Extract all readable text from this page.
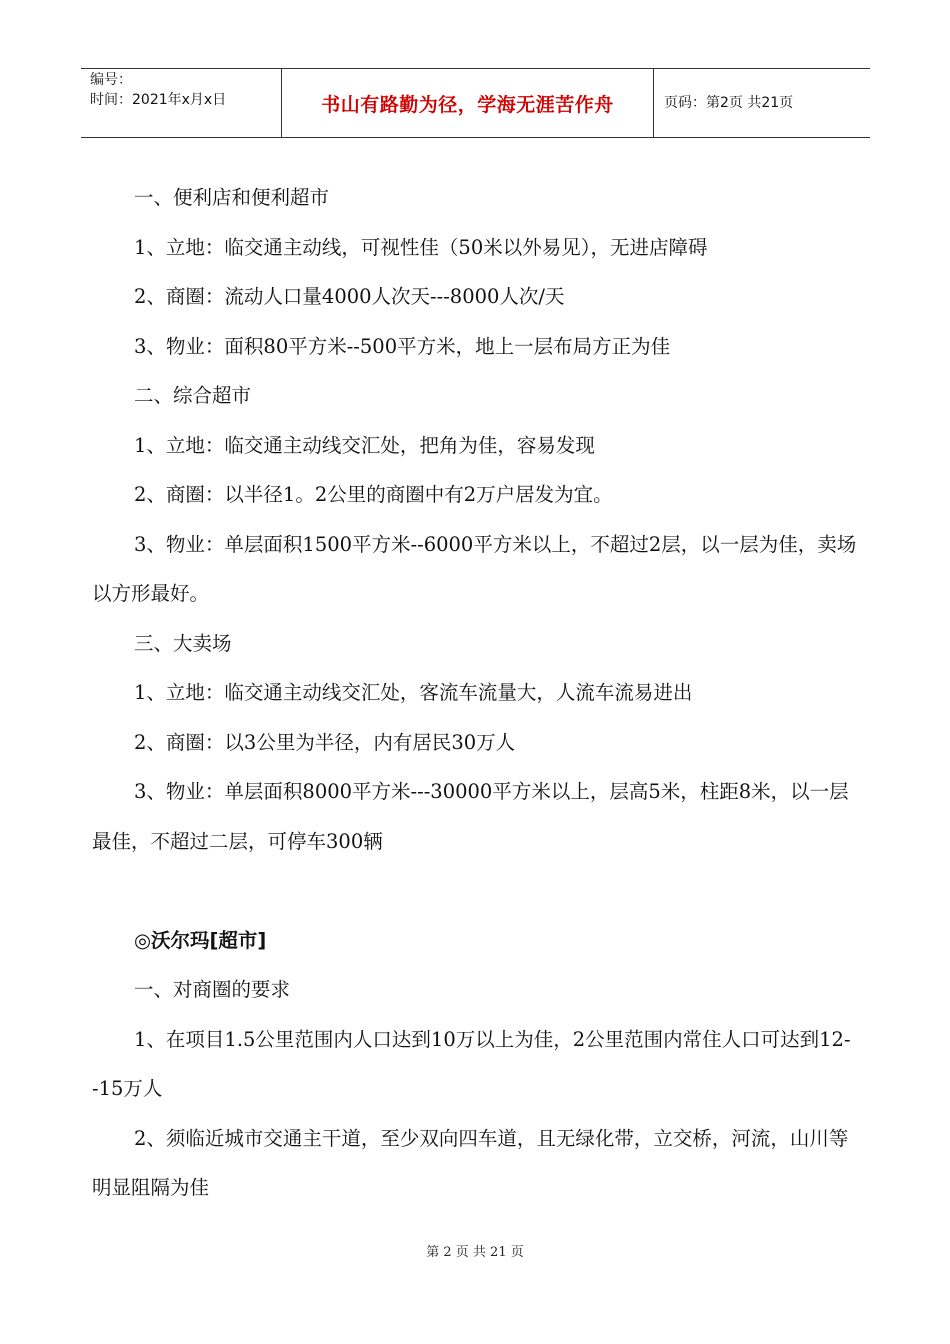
编号：
时间：2021年x月x日	书山有路勤为径，学海无涯苦作舟	页码：第2页 共21页

一、便利店和便利超市

1、立地：临交通主动线，可视性佳（50米以外易见），无进店障碍

2、商圈：流动人口量4000人次天---8000人次/天

3、物业：面积80平方米--500平方米，地上一层布局方正为佳

二、综合超市

1、立地：临交通主动线交汇处，把角为佳，容易发现

2、商圈：以半径1。2公里的商圈中有2万户居发为宜。

3、物业：单层面积1500平方米--6000平方米以上，不超过2层，以一层为佳，卖场以方形最好。

三、大卖场

1、立地：临交通主动线交汇处，客流车流量大，人流车流易进出

2、商圈：以3公里为半径，内有居民30万人

3、物业：单层面积8000平方米---30000平方米以上，层高5米，柱距8米，以一层最佳，不超过二层，可停车300辆

◎沃尔玛[超市]

一、对商圈的要求

1、在项目1.5公里范围内人口达到10万以上为佳，2公里范围内常住人口可达到12--15万人

2、须临近城市交通主干道，至少双向四车道，且无绿化带，立交桥，河流，山川等明显阻隔为佳

第 2 页 共 21 页
